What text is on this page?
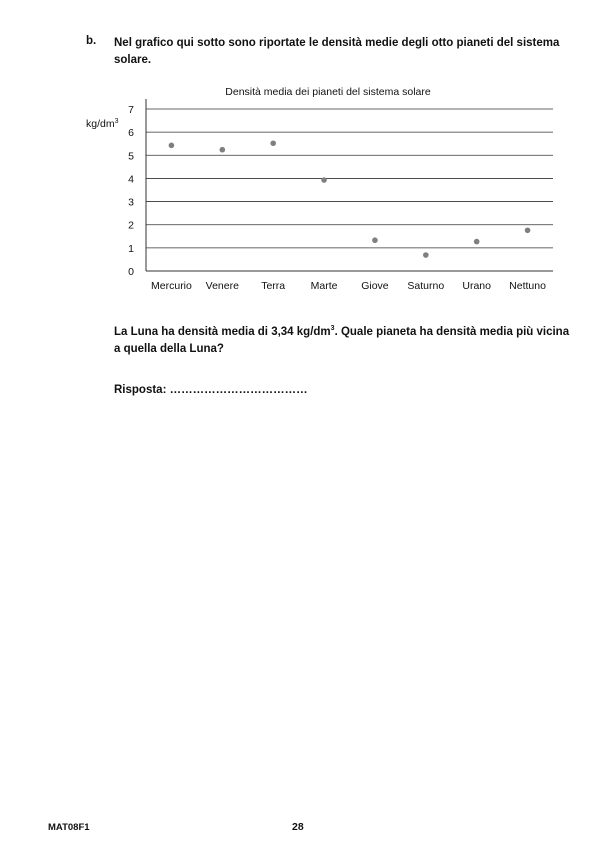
b. Nel grafico qui sotto sono riportate le densità medie degli otto pianeti del sistema solare.
Densità media dei pianeti del sistema solare
$kg/dm^3$
0
1
2
3
4
5
6
7
Mercurio Venere Terra Marte Giove Saturno Urano Nettuno
La Luna ha densità media di 3,34 $kg/dm^3$. Quale pianeta ha densità media più vicina a quella della Luna?
Risposta: ………………………………
MAT08F1	28
